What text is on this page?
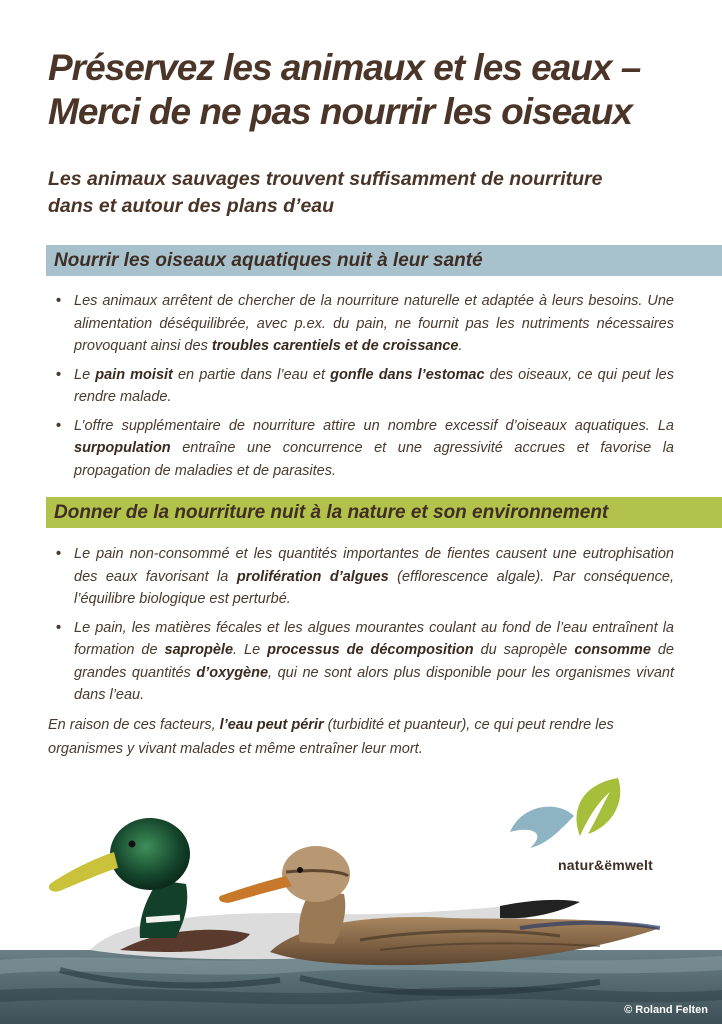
Préservez les animaux et les eaux –
Merci de ne pas nourrir les oiseaux

Les animaux sauvages trouvent suffisamment de nourriture
dans et autour des plans d’eau

Nourrir les oiseaux aquatiques nuit à leur santé
• Les animaux arrêtent de chercher de la nourriture naturelle et adaptée à leurs besoins. Une alimentation déséquilibrée, avec p.ex. du pain, ne fournit pas les nutriments nécessaires provoquant ainsi des troubles carentiels et de croissance.
• Le pain moisit en partie dans l’eau et gonfle dans l’estomac des oiseaux, ce qui peut les rendre malade.
• L’offre supplémentaire de nourriture attire un nombre excessif d’oiseaux aquatiques. La surpopulation entraîne une concurrence et une agressivité accrues et favorise la propagation de maladies et de parasites.
Donner de la nourriture nuit à la nature et son environnement
• Le pain non-consommé et les quantités importantes de fientes causent une eutrophisation des eaux favorisant la prolifération d’algues (efflorescence algale). Par conséquence, l’équilibre biologique est perturbé.
• Le pain, les matières fécales et les algues mourantes coulant au fond de l’eau entraînent la formation de sapropèle. Le processus de décomposition du sapropèle consomme de grandes quantités d’oxygène, qui ne sont alors plus disponible pour les organismes vivant dans l’eau.

En raison de ces facteurs, l’eau peut périr (turbidité et puanteur), ce qui peut rendre les organismes y vivant malades et même entraîner leur mort.

natur&ëmwelt
© Roland Felten
